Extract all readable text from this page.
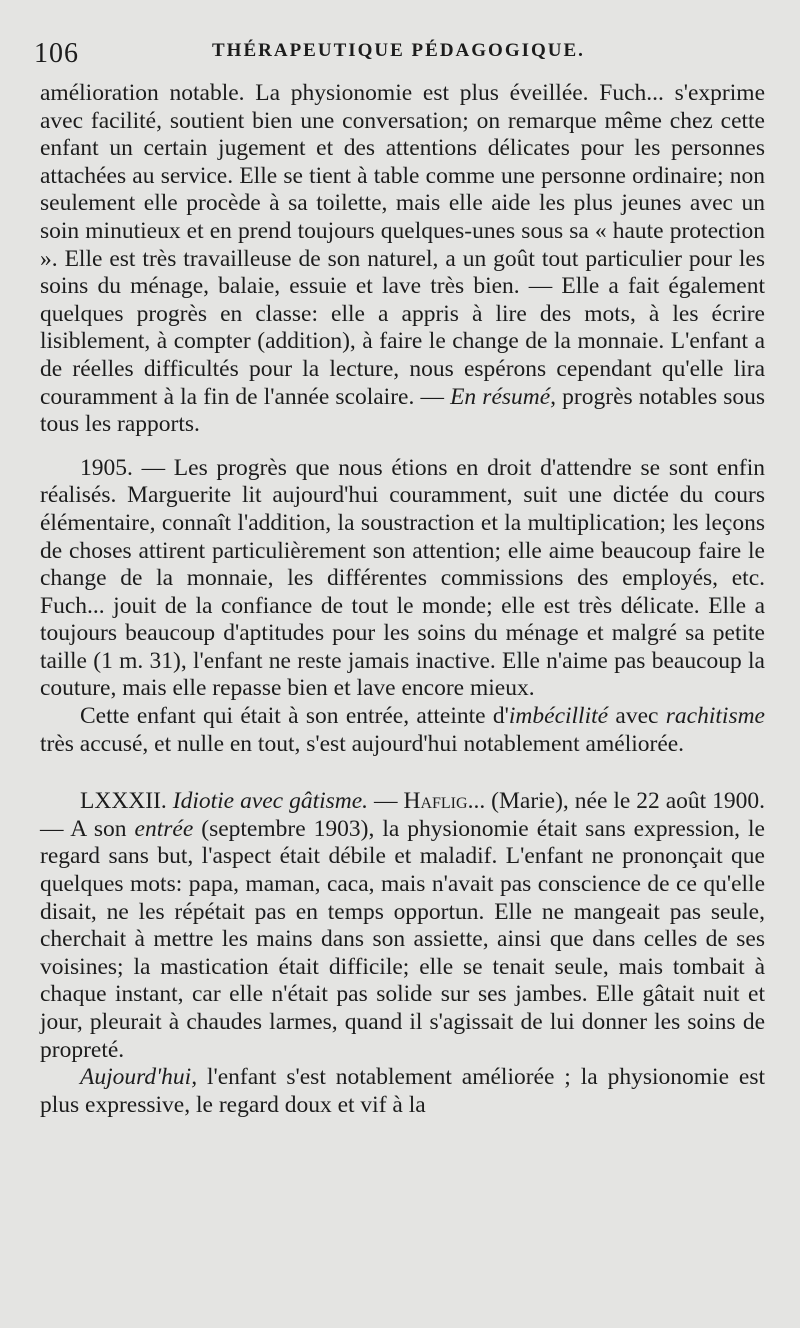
106	THÉRAPEUTIQUE PÉDAGOGIQUE.

amélioration notable. La physionomie est plus éveillée. Fuch... s'exprime avec facilité, soutient bien une conversation; on remarque même chez cette enfant un certain jugement et des attentions délicates pour les personnes attachées au service. Elle se tient à table comme une personne ordinaire; non seulement elle procède à sa toilette, mais elle aide les plus jeunes avec un soin minutieux et en prend toujours quelques-unes sous sa « haute protection ». Elle est très travailleuse de son naturel, a un goût tout particulier pour les soins du ménage, balaie, essuie et lave très bien. — Elle a fait également quelques progrès en classe: elle a appris à lire des mots, à les écrire lisiblement, à compter (addition), à faire le change de la monnaie. L'enfant a de réelles difficultés pour la lecture, nous espérons cependant qu'elle lira couramment à la fin de l'année scolaire. — En résumé, progrès notables sous tous les rapports.

1905. — Les progrès que nous étions en droit d'attendre se sont enfin réalisés. Marguerite lit aujourd'hui couramment, suit une dictée du cours élémentaire, connaît l'addition, la soustraction et la multiplication; les leçons de choses attirent particulièrement son attention; elle aime beaucoup faire le change de la monnaie, les différentes commissions des employés, etc. Fuch... jouit de la confiance de tout le monde; elle est très délicate. Elle a toujours beaucoup d'aptitudes pour les soins du ménage et malgré sa petite taille (1 m. 31), l'enfant ne reste jamais inactive. Elle n'aime pas beaucoup la couture, mais elle repasse bien et lave encore mieux.

Cette enfant qui était à son entrée, atteinte d'imbécillité avec rachitisme très accusé, et nulle en tout, s'est aujourd'hui notablement améliorée.

LXXXII. Idiotie avec gâtisme. — Haflig... (Marie), née le 22 août 1900. — A son entrée (septembre 1903), la physionomie était sans expression, le regard sans but, l'aspect était débile et maladif. L'enfant ne prononçait que quelques mots: papa, maman, caca, mais n'avait pas conscience de ce qu'elle disait, ne les répétait pas en temps opportun. Elle ne mangeait pas seule, cherchait à mettre les mains dans son assiette, ainsi que dans celles de ses voisines; la mastication était difficile; elle se tenait seule, mais tombait à chaque instant, car elle n'était pas solide sur ses jambes. Elle gâtait nuit et jour, pleurait à chaudes larmes, quand il s'agissait de lui donner les soins de propreté.

Aujourd'hui, l'enfant s'est notablement améliorée ; la physionomie est plus expressive, le regard doux et vif à la
